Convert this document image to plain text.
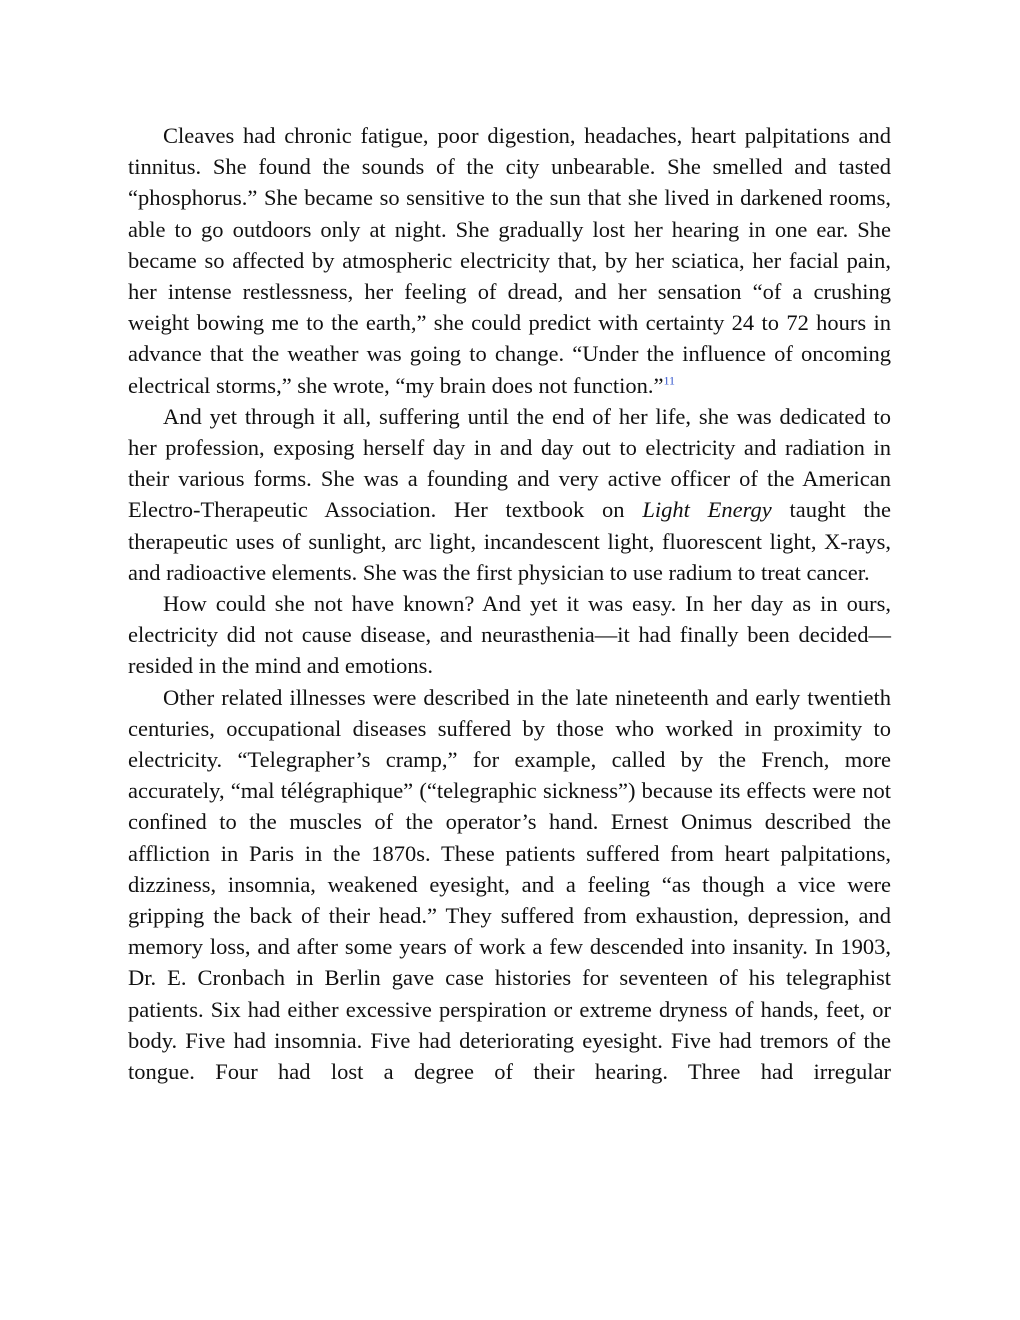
Cleaves had chronic fatigue, poor digestion, headaches, heart palpitations and tinnitus. She found the sounds of the city unbearable. She smelled and tasted “phosphorus.” She became so sensitive to the sun that she lived in darkened rooms, able to go outdoors only at night. She gradually lost her hearing in one ear. She became so affected by atmospheric electricity that, by her sciatica, her facial pain, her intense restlessness, her feeling of dread, and her sensation “of a crushing weight bowing me to the earth,” she could predict with certainty 24 to 72 hours in advance that the weather was going to change. “Under the influence of oncoming electrical storms,” she wrote, “my brain does not function.”$^{11}$

And yet through it all, suffering until the end of her life, she was dedicated to her profession, exposing herself day in and day out to electricity and radiation in their various forms. She was a founding and very active officer of the American Electro-Therapeutic Association. Her textbook on Light Energy taught the therapeutic uses of sunlight, arc light, incandescent light, fluorescent light, X-rays, and radioactive elements. She was the first physician to use radium to treat cancer.

How could she not have known? And yet it was easy. In her day as in ours, electricity did not cause disease, and neurasthenia—it had finally been decided—resided in the mind and emotions.

Other related illnesses were described in the late nineteenth and early twentieth centuries, occupational diseases suffered by those who worked in proximity to electricity. “Telegrapher’s cramp,” for example, called by the French, more accurately, “mal télégraphique” (“telegraphic sickness”) because its effects were not confined to the muscles of the operator’s hand. Ernest Onimus described the affliction in Paris in the 1870s. These patients suffered from heart palpitations, dizziness, insomnia, weakened eyesight, and a feeling “as though a vice were gripping the back of their head.” They suffered from exhaustion, depression, and memory loss, and after some years of work a few descended into insanity. In 1903, Dr. E. Cronbach in Berlin gave case histories for seventeen of his telegraphist patients. Six had either excessive perspiration or extreme dryness of hands, feet, or body. Five had insomnia. Five had deteriorating eyesight. Five had tremors of the tongue. Four had lost a degree of their hearing. Three had irregular
